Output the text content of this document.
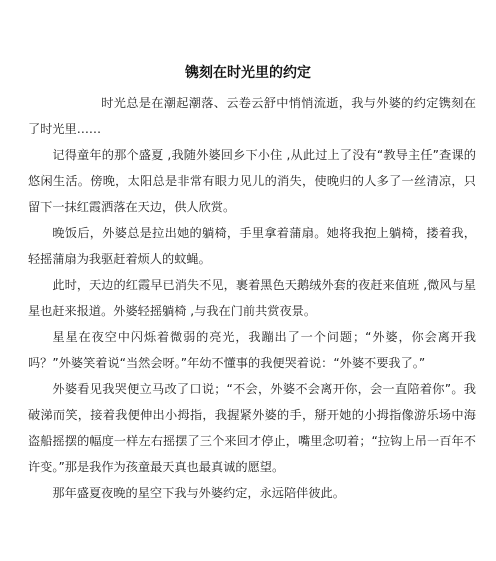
镌刻在时光里的约定

时光总是在潮起潮落、云卷云舒中悄悄流逝，我与外婆的约定镌刻在了时光里……

记得童年的那个盛夏 ,我随外婆回乡下小住 ,从此过上了没有“教导主任”查课的悠闲生活。傍晚，太阳总是非常有眼力见儿的消失，使晚归的人多了一丝清凉，只留下一抹红霞洒落在天边，供人欣赏。

晚饭后，外婆总是拉出她的躺椅，手里拿着蒲扇。她将我抱上躺椅，搂着我，轻摇蒲扇为我驱赶着烦人的蚊蝇。

此时，天边的红霞早已消失不见，裹着黑色天鹅绒外套的夜赶来值班 ,微风与星星也赶来报道。外婆轻摇躺椅 ,与我在门前共赏夜景。

星星在夜空中闪烁着微弱的亮光，我蹦出了一个问题；“外婆，你会离开我吗？”外婆笑着说“当然会呀。”年幼不懂事的我便哭着说：“外婆不要我了。”

外婆看见我哭便立马改了口说；“不会，外婆不会离开你，会一直陪着你”。我破涕而笑，接着我便伸出小拇指，我握紧外婆的手，掰开她的小拇指像游乐场中海盗船摇摆的幅度一样左右摇摆了三个来回才停止，嘴里念叨着；“拉钩上吊一百年不许变。”那是我作为孩童最天真也最真诚的愿望。

那年盛夏夜晚的星空下我与外婆约定，永远陪伴彼此。
